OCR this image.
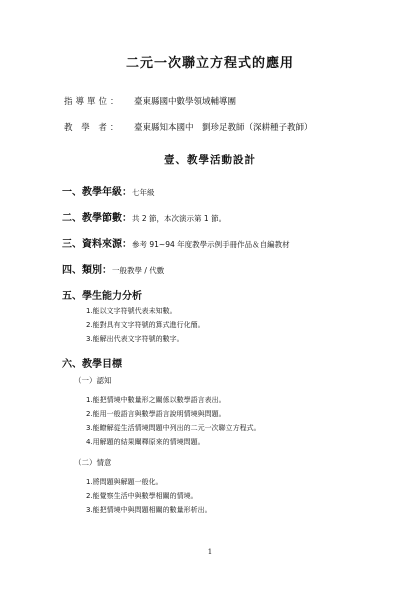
二元一次聯立方程式的應用
指導單位： 臺東縣國中數學領域輔導團
教 學 者： 臺東縣知本國中　劉珍足教師（深耕種子教師）
壹、教學活動設計
一、教學年級：七年級
二、教學節數：共 2 節，本次演示第 1 節。
三、資料來源：參考 91~94 年度教學示例手冊作品＆自編教材
四、類別：一般教學 / 代數
五、學生能力分析
1.能以文字符號代表未知數。
2.能對具有文字符號的算式進行化簡。
3.能解出代表文字符號的數字。
六、教學目標
（一）認知
1.能把情境中數量形之關係以數學語言表出。
2.能用一般語言與數學語言說明情境與問題。
3.能瞭解從生活情境問題中列出的二元一次聯立方程式。
4.用解題的結果闡釋原來的情境問題。
（二）情意
1.將問題與解題一般化。
2.能覺察生活中與數學相關的情境。
3.能把情境中與問題相關的數量形析出。
1
